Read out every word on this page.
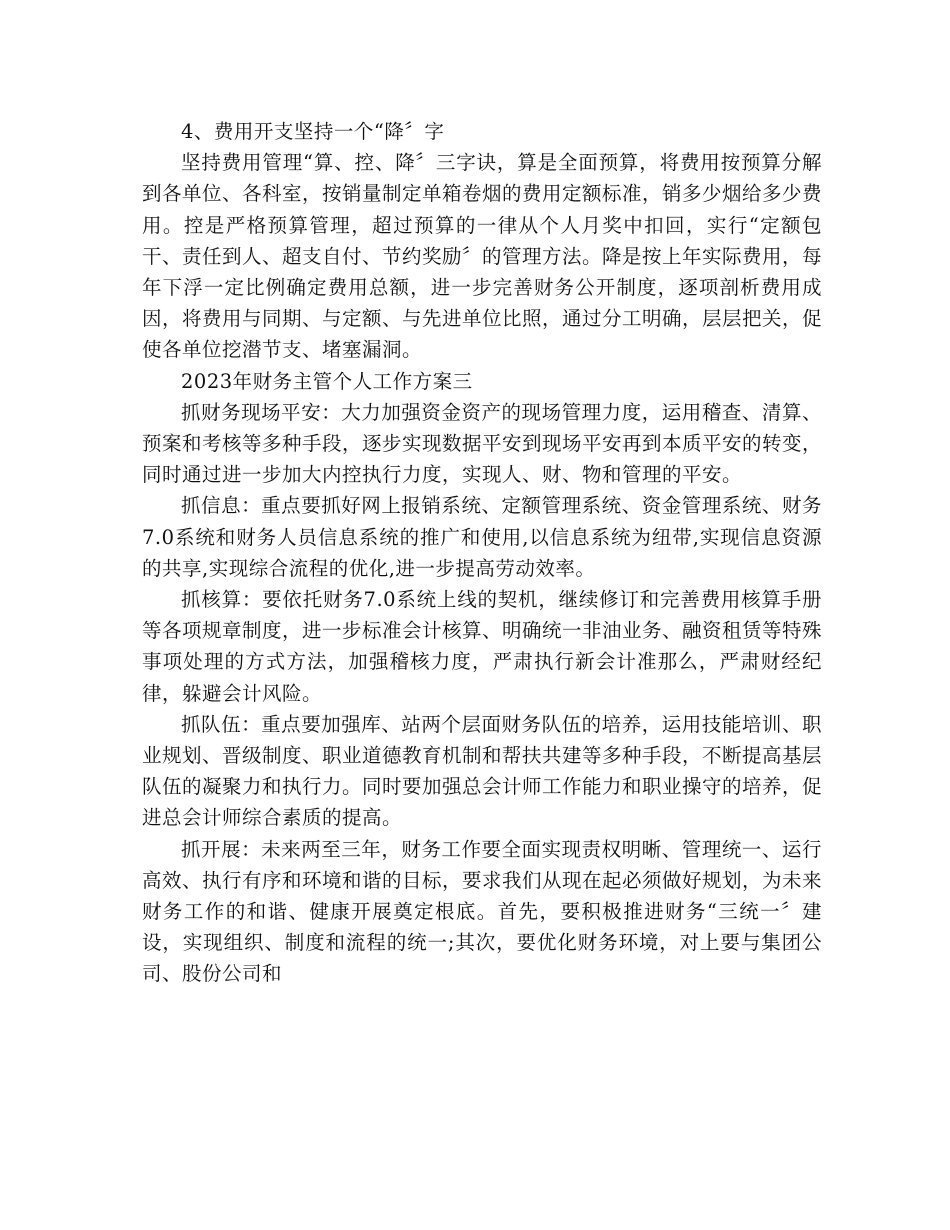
4、费用开支坚持一个“降〞字

坚持费用管理“算、控、降〞三字诀，算是全面预算，将费用按预算分解到各单位、各科室，按销量制定单箱卷烟的费用定额标准，销多少烟给多少费用。控是严格预算管理，超过预算的一律从个人月奖中扣回，实行“定额包干、责任到人、超支自付、节约奖励〞的管理方法。降是按上年实际费用，每年下浮一定比例确定费用总额，进一步完善财务公开制度，逐项剖析费用成因，将费用与同期、与定额、与先进单位比照，通过分工明确，层层把关，促使各单位挖潜节支、堵塞漏洞。

2023年财务主管个人工作方案三

抓财务现场平安：大力加强资金资产的现场管理力度，运用稽查、清算、预案和考核等多种手段，逐步实现数据平安到现场平安再到本质平安的转变，同时通过进一步加大内控执行力度，实现人、财、物和管理的平安。

抓信息：重点要抓好网上报销系统、定额管理系统、资金管理系统、财务7.0系统和财务人员信息系统的推广和使用,以信息系统为纽带,实现信息资源的共享,实现综合流程的优化,进一步提高劳动效率。

抓核算：要依托财务7.0系统上线的契机，继续修订和完善费用核算手册等各项规章制度，进一步标准会计核算、明确统一非油业务、融资租赁等特殊事项处理的方式方法，加强稽核力度，严肃执行新会计准那么，严肃财经纪律，躲避会计风险。

抓队伍：重点要加强库、站两个层面财务队伍的培养，运用技能培训、职业规划、晋级制度、职业道德教育机制和帮扶共建等多种手段，不断提高基层队伍的凝聚力和执行力。同时要加强总会计师工作能力和职业操守的培养，促进总会计师综合素质的提高。

抓开展：未来两至三年，财务工作要全面实现责权明晰、管理统一、运行高效、执行有序和环境和谐的目标，要求我们从现在起必须做好规划，为未来财务工作的和谐、健康开展奠定根底。首先，要积极推进财务“三统一〞建设，实现组织、制度和流程的统一;其次，要优化财务环境，对上要与集团公司、股份公司和
